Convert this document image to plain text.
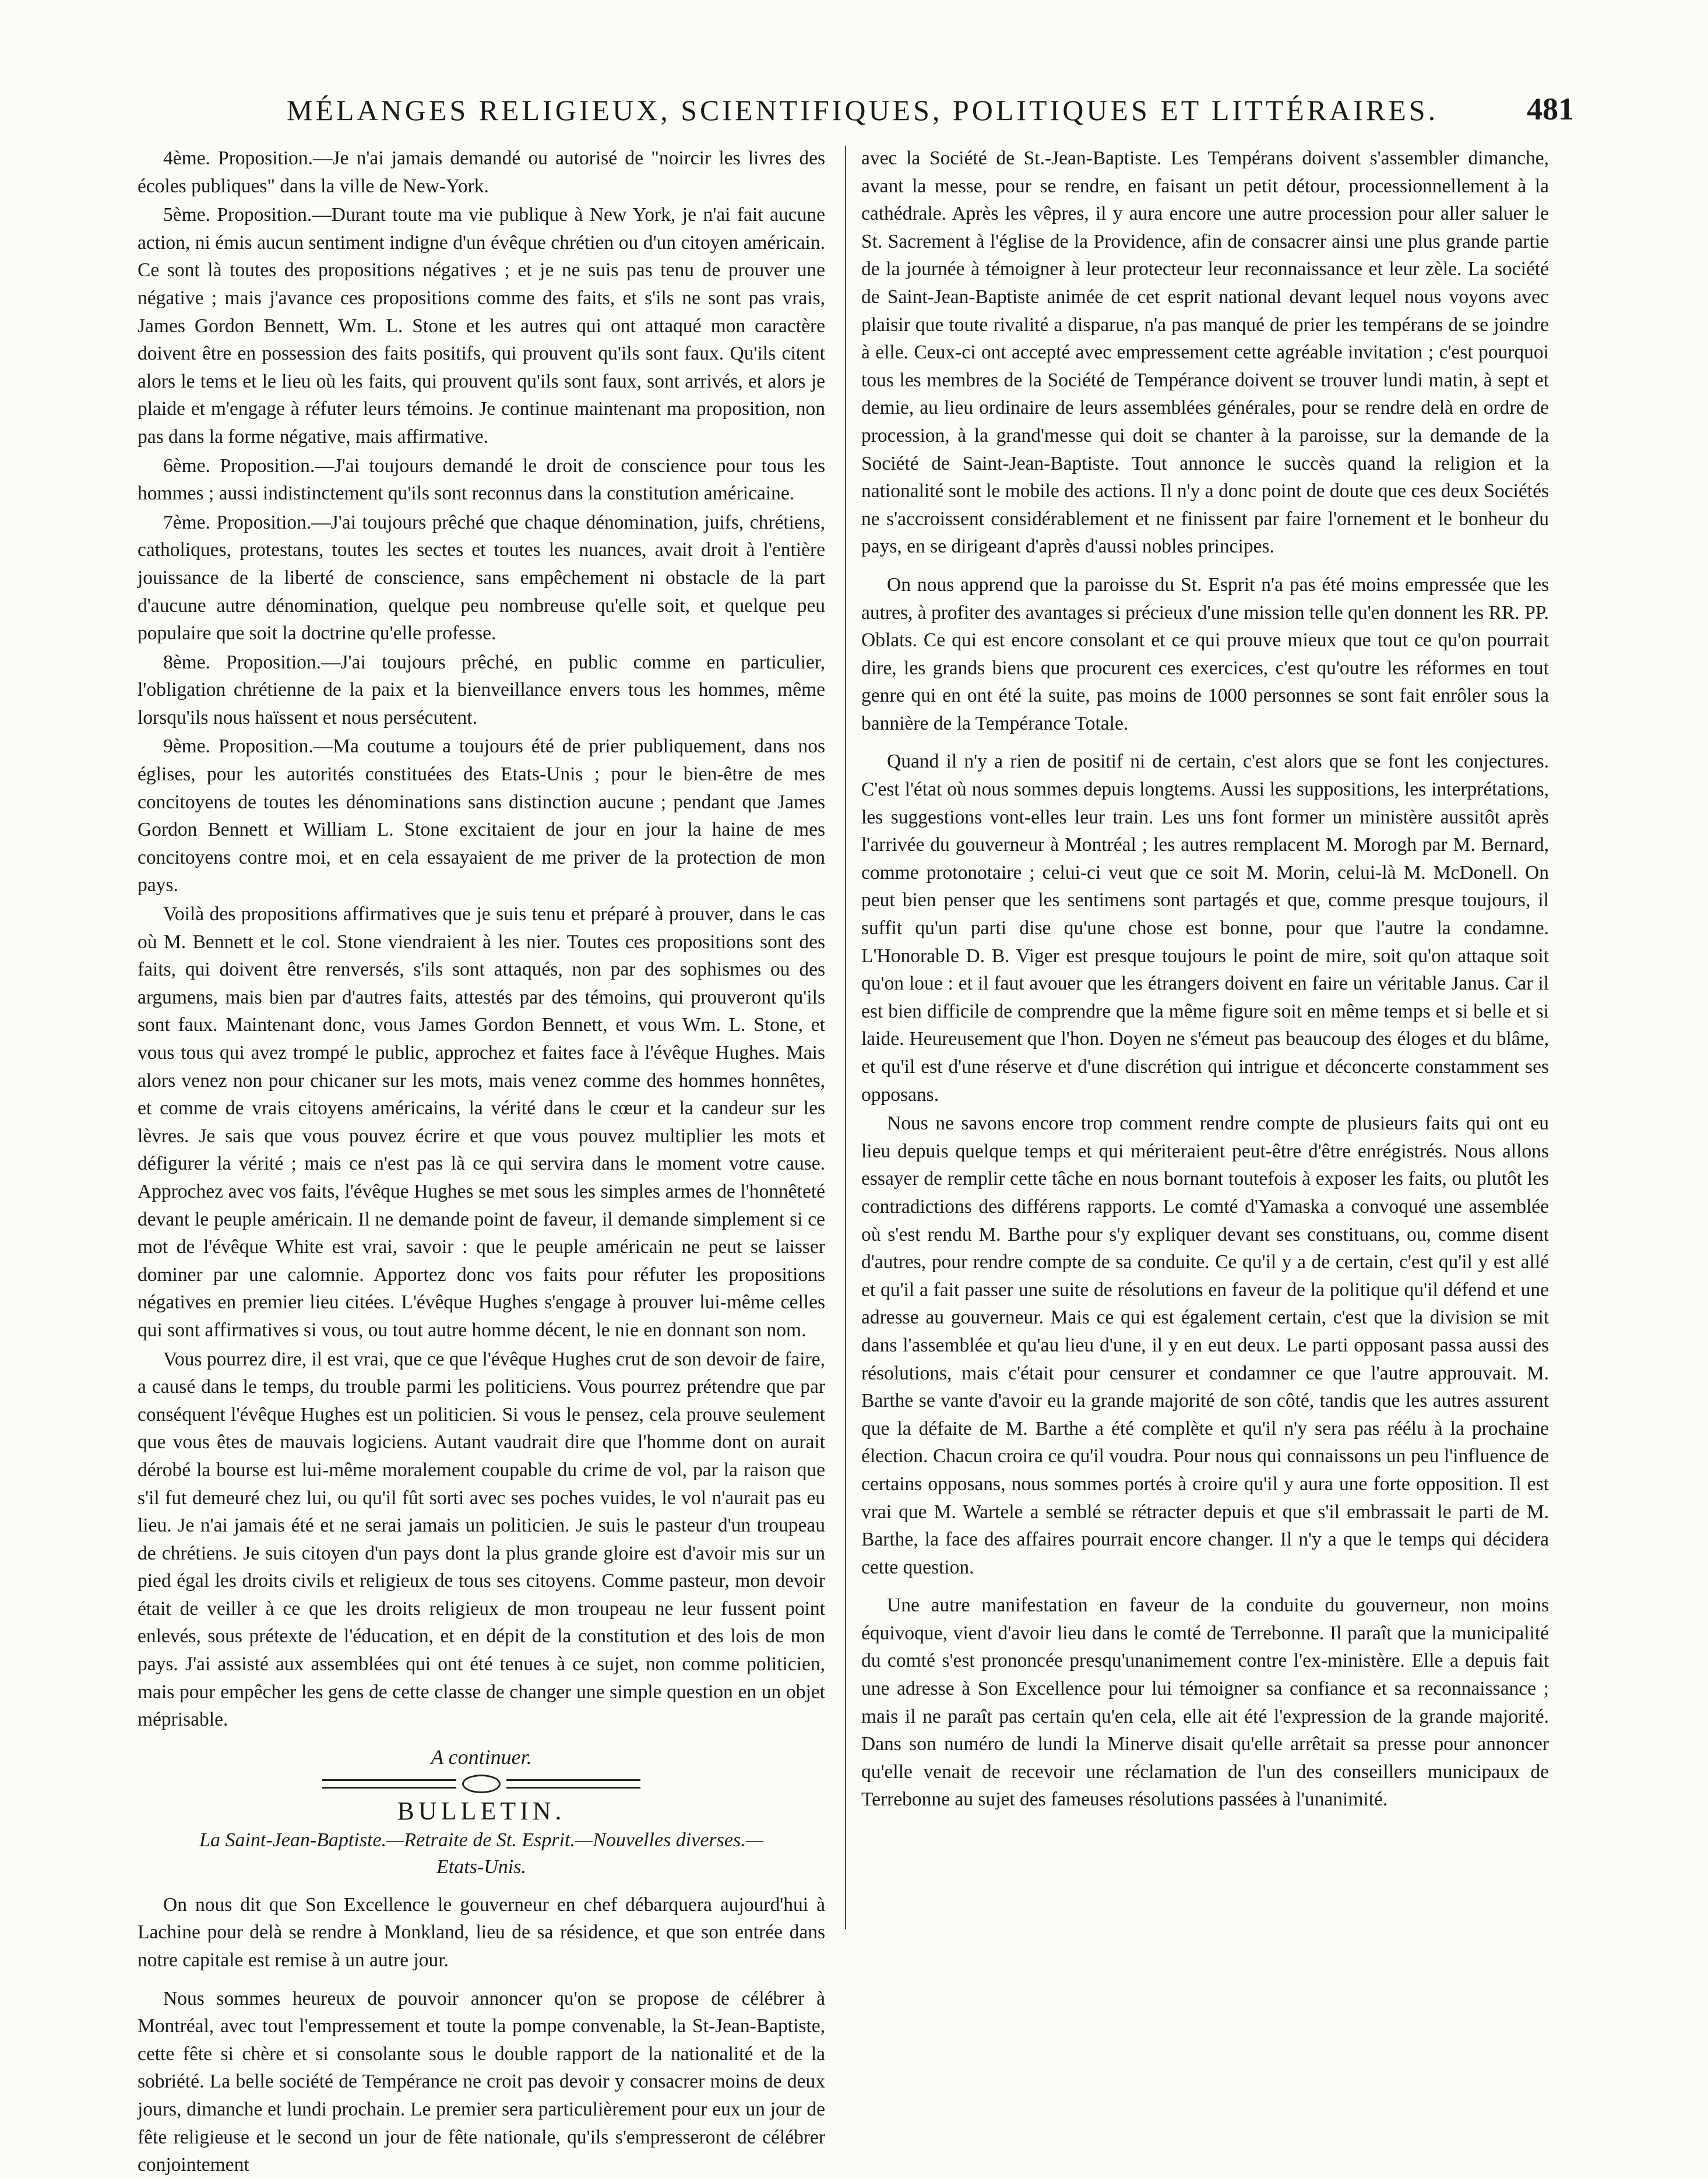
MÉLANGES RELIGIEUX, SCIENTIFIQUES, POLITIQUES ET LITTÉRAIRES.	481

4ème. Proposition.—Je n'ai jamais demandé ou autorisé de "noircir les livres des écoles publiques" dans la ville de New-York.

5ème. Proposition.—Durant toute ma vie publique à New York, je n'ai fait aucune action, ni émis aucun sentiment indigne d'un évêque chrétien ou d'un citoyen américain. Ce sont là toutes des propositions négatives ; et je ne suis pas tenu de prouver une négative ; mais j'avance ces propositions comme des faits, et s'ils ne sont pas vrais, James Gordon Bennett, Wm. L. Stone et les autres qui ont attaqué mon caractère doivent être en possession des faits positifs, qui prouvent qu'ils sont faux. Qu'ils citent alors le tems et le lieu où les faits, qui prouvent qu'ils sont faux, sont arrivés, et alors je plaide et m'engage à réfuter leurs témoins. Je continue maintenant ma proposition, non pas dans la forme négative, mais affirmative.

6ème. Proposition.—J'ai toujours demandé le droit de conscience pour tous les hommes ; aussi indistinctement qu'ils sont reconnus dans la constitution américaine.

7ème. Proposition.—J'ai toujours prêché que chaque dénomination, juifs, chrétiens, catholiques, protestans, toutes les sectes et toutes les nuances, avait droit à l'entière jouissance de la liberté de conscience, sans empêchement ni obstacle de la part d'aucune autre dénomination, quelque peu nombreuse qu'elle soit, et quelque peu populaire que soit la doctrine qu'elle professe.

8ème. Proposition.—J'ai toujours prêché, en public comme en particulier, l'obligation chrétienne de la paix et la bienveillance envers tous les hommes, même lorsqu'ils nous haïssent et nous persécutent.

9ème. Proposition.—Ma coutume a toujours été de prier publiquement, dans nos églises, pour les autorités constituées des Etats-Unis ; pour le bien-être de mes concitoyens de toutes les dénominations sans distinction aucune ; pendant que James Gordon Bennett et William L. Stone excitaient de jour en jour la haine de mes concitoyens contre moi, et en cela essayaient de me priver de la protection de mon pays.

Voilà des propositions affirmatives que je suis tenu et préparé à prouver, dans le cas où M. Bennett et le col. Stone viendraient à les nier. Toutes ces propositions sont des faits, qui doivent être renversés, s'ils sont attaqués, non par des sophismes ou des argumens, mais bien par d'autres faits, attestés par des témoins, qui prouveront qu'ils sont faux. Maintenant donc, vous James Gordon Bennett, et vous Wm. L. Stone, et vous tous qui avez trompé le public, approchez et faites face à l'évêque Hughes. Mais alors venez non pour chicaner sur les mots, mais venez comme des hommes honnêtes, et comme de vrais citoyens américains, la vérité dans le cœur et la candeur sur les lèvres. Je sais que vous pouvez écrire et que vous pouvez multiplier les mots et défigurer la vérité ; mais ce n'est pas là ce qui servira dans le moment votre cause. Approchez avec vos faits, l'évêque Hughes se met sous les simples armes de l'honnêteté devant le peuple américain. Il ne demande point de faveur, il demande simplement si ce mot de l'évêque White est vrai, savoir : que le peuple américain ne peut se laisser dominer par une calomnie. Apportez donc vos faits pour réfuter les propositions négatives en premier lieu citées. L'évêque Hughes s'engage à prouver lui-même celles qui sont affirmatives si vous, ou tout autre homme décent, le nie en donnant son nom.

Vous pourrez dire, il est vrai, que ce que l'évêque Hughes crut de son devoir de faire, a causé dans le temps, du trouble parmi les politiciens. Vous pourrez prétendre que par conséquent l'évêque Hughes est un politicien. Si vous le pensez, cela prouve seulement que vous êtes de mauvais logiciens. Autant vaudrait dire que l'homme dont on aurait dérobé la bourse est lui-même moralement coupable du crime de vol, par la raison que s'il fut demeuré chez lui, ou qu'il fût sorti avec ses poches vuides, le vol n'aurait pas eu lieu. Je n'ai jamais été et ne serai jamais un politicien. Je suis le pasteur d'un troupeau de chrétiens. Je suis citoyen d'un pays dont la plus grande gloire est d'avoir mis sur un pied égal les droits civils et religieux de tous ses citoyens. Comme pasteur, mon devoir était de veiller à ce que les droits religieux de mon troupeau ne leur fussent point enlevés, sous prétexte de l'éducation, et en dépit de la constitution et des lois de mon pays. J'ai assisté aux assemblées qui ont été tenues à ce sujet, non comme politicien, mais pour empêcher les gens de cette classe de changer une simple question en un objet méprisable.

A continuer.
BULLETIN.
La Saint-Jean-Baptiste.—Retraite de St. Esprit.—Nouvelles diverses.—
Etats-Unis.

On nous dit que Son Excellence le gouverneur en chef débarquera aujourd'hui à Lachine pour delà se rendre à Monkland, lieu de sa résidence, et que son entrée dans notre capitale est remise à un autre jour.

Nous sommes heureux de pouvoir annoncer qu'on se propose de célébrer à Montréal, avec tout l'empressement et toute la pompe convenable, la St-Jean-Baptiste, cette fête si chère et si consolante sous le double rapport de la nationalité et de la sobriété. La belle société de Tempérance ne croit pas devoir y consacrer moins de deux jours, dimanche et lundi prochain. Le premier sera particulièrement pour eux un jour de fête religieuse et le second un jour de fête nationale, qu'ils s'empresseront de célébrer conjointement

avec la Société de St.-Jean-Baptiste. Les Tempérans doivent s'assembler dimanche, avant la messe, pour se rendre, en faisant un petit détour, processionnellement à la cathédrale. Après les vêpres, il y aura encore une autre procession pour aller saluer le St. Sacrement à l'église de la Providence, afin de consacrer ainsi une plus grande partie de la journée à témoigner à leur protecteur leur reconnaissance et leur zèle. La société de Saint-Jean-Baptiste animée de cet esprit national devant lequel nous voyons avec plaisir que toute rivalité a disparue, n'a pas manqué de prier les tempérans de se joindre à elle. Ceux-ci ont accepté avec empressement cette agréable invitation ; c'est pourquoi tous les membres de la Société de Tempérance doivent se trouver lundi matin, à sept et demie, au lieu ordinaire de leurs assemblées générales, pour se rendre delà en ordre de procession, à la grand'messe qui doit se chanter à la paroisse, sur la demande de la Société de Saint-Jean-Baptiste. Tout annonce le succès quand la religion et la nationalité sont le mobile des actions. Il n'y a donc point de doute que ces deux Sociétés ne s'accroissent considérablement et ne finissent par faire l'ornement et le bonheur du pays, en se dirigeant d'après d'aussi nobles principes.

On nous apprend que la paroisse du St. Esprit n'a pas été moins empressée que les autres, à profiter des avantages si précieux d'une mission telle qu'en donnent les RR. PP. Oblats. Ce qui est encore consolant et ce qui prouve mieux que tout ce qu'on pourrait dire, les grands biens que procurent ces exercices, c'est qu'outre les réformes en tout genre qui en ont été la suite, pas moins de 1000 personnes se sont fait enrôler sous la bannière de la Tempérance Totale.

Quand il n'y a rien de positif ni de certain, c'est alors que se font les conjectures. C'est l'état où nous sommes depuis longtems. Aussi les suppositions, les interprétations, les suggestions vont-elles leur train. Les uns font former un ministère aussitôt après l'arrivée du gouverneur à Montréal ; les autres remplacent M. Morogh par M. Bernard, comme protonotaire ; celui-ci veut que ce soit M. Morin, celui-là M. McDonell. On peut bien penser que les sentimens sont partagés et que, comme presque toujours, il suffit qu'un parti dise qu'une chose est bonne, pour que l'autre la condamne. L'Honorable D. B. Viger est presque toujours le point de mire, soit qu'on attaque soit qu'on loue : et il faut avouer que les étrangers doivent en faire un véritable Janus. Car il est bien difficile de comprendre que la même figure soit en même temps et si belle et si laide. Heureusement que l'hon. Doyen ne s'émeut pas beaucoup des éloges et du blâme, et qu'il est d'une réserve et d'une discrétion qui intrigue et déconcerte constamment ses opposans.

Nous ne savons encore trop comment rendre compte de plusieurs faits qui ont eu lieu depuis quelque temps et qui mériteraient peut-être d'être enrégistrés. Nous allons essayer de remplir cette tâche en nous bornant toutefois à exposer les faits, ou plutôt les contradictions des différens rapports. Le comté d'Yamaska a convoqué une assemblée où s'est rendu M. Barthe pour s'y expliquer devant ses constituans, ou, comme disent d'autres, pour rendre compte de sa conduite. Ce qu'il y a de certain, c'est qu'il y est allé et qu'il a fait passer une suite de résolutions en faveur de la politique qu'il défend et une adresse au gouverneur. Mais ce qui est également certain, c'est que la division se mit dans l'assemblée et qu'au lieu d'une, il y en eut deux. Le parti opposant passa aussi des résolutions, mais c'était pour censurer et condamner ce que l'autre approuvait. M. Barthe se vante d'avoir eu la grande majorité de son côté, tandis que les autres assurent que la défaite de M. Barthe a été complète et qu'il n'y sera pas réélu à la prochaine élection. Chacun croira ce qu'il voudra. Pour nous qui connaissons un peu l'influence de certains opposans, nous sommes portés à croire qu'il y aura une forte opposition. Il est vrai que M. Wartele a semblé se rétracter depuis et que s'il embrassait le parti de M. Barthe, la face des affaires pourrait encore changer. Il n'y a que le temps qui décidera cette question.

Une autre manifestation en faveur de la conduite du gouverneur, non moins équivoque, vient d'avoir lieu dans le comté de Terrebonne. Il paraît que la municipalité du comté s'est prononcée presqu'unanimement contre l'ex-ministère. Elle a depuis fait une adresse à Son Excellence pour lui témoigner sa confiance et sa reconnaissance ; mais il ne paraît pas certain qu'en cela, elle ait été l'expression de la grande majorité. Dans son numéro de lundi la Minerve disait qu'elle arrêtait sa presse pour annoncer qu'elle venait de recevoir une réclamation de l'un des conseillers municipaux de Terrebonne au sujet des fameuses résolutions passées à l'unanimité.
